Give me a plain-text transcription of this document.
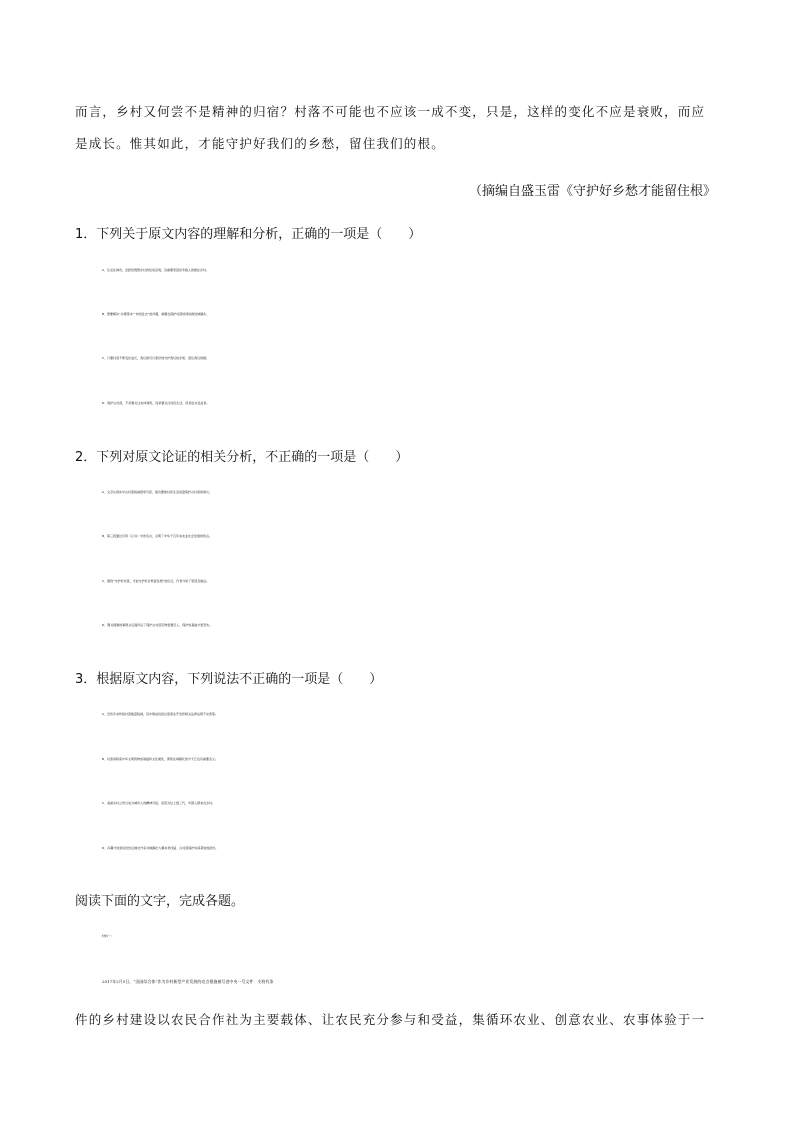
而言，乡村又何尝不是精神的归宿？村落不可能也不应该一成不变，只是，这样的变化不应是衰败，而应
是成长。惟其如此，才能守护好我们的乡愁，留住我们的根。
（摘编自盛玉雷《守护好乡愁才能留住根》
1．下列关于原文内容的理解和分析，正确的一项是（　　）
A．生活在城市，会经常遐想乡村的恬淡意境，其重要原因是多数人的根在乡村。
B．想要解决“从哪里来”“向何处去”的问题，就要在保护村落的同时推进城镇化。
C．只要村落不断变化成长，我们就可以更好地守护我们的乡愁，留住我们的根。
D．保护古村落，不是要关注实体建筑，而是要关注村民生活，使其成为受益者。
2．下列对原文论证的相关分析，不正确的一项是（　　）
A．文章从现实中古村落锐减现象写起，提出聚焦村民生活质量保护古村落的建议。
B．第三段通过引用《汉书》中的名言，点明了中华千百年来农业社会发展的特点。
C．围绕“守护好村落，才能守护好乡愁留住根”的论点，作者分析了原因及做法。
D．铜关侗寨的事例从反面印证了保护古村落见物更要见人，保护的基础才更坚实。
3．根据原文内容，下列说法不正确的一项是（　　）
A．近些年来传统村落数量锐减，其中缘由包括过度商业开发和相关法律法规不完善等。
B．村落承载着中华文明的物质基础和文化属性，即使在城镇化的今天它也有重要意义。
C．美丽乡村之所以成为城市人的精神归宿，是因为往上数三代，中国人都来自乡村。
D．冯骥才的感叹恰恰反映出作家对城镇化大潮来势凶猛、古村落保护时间紧迫的担忧。
阅读下面的文字，完成各题。
材料一：
2017年2月5日，“田园综合体”作为乡村新型产业发展的亮点措施被写进中央一号文件：支持有条
件的乡村建设以农民合作社为主要载体、让农民充分参与和受益，集循环农业、创意农业、农事体验于一
